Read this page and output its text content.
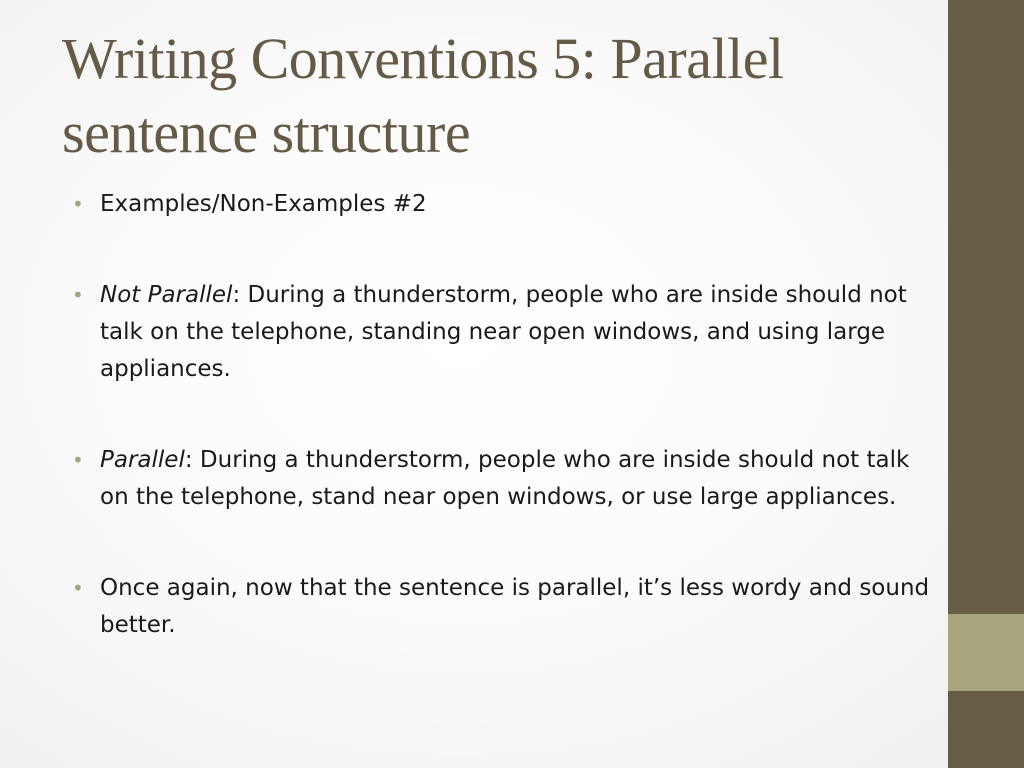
Writing Conventions 5: Parallel sentence structure
• Examples/Non-Examples #2
• Not Parallel: During a thunderstorm, people who are inside should not talk on the telephone, standing near open windows, and using large appliances.
• Parallel: During a thunderstorm, people who are inside should not talk on the telephone, stand near open windows, or use large appliances.
• Once again, now that the sentence is parallel, it’s less wordy and sound better.
